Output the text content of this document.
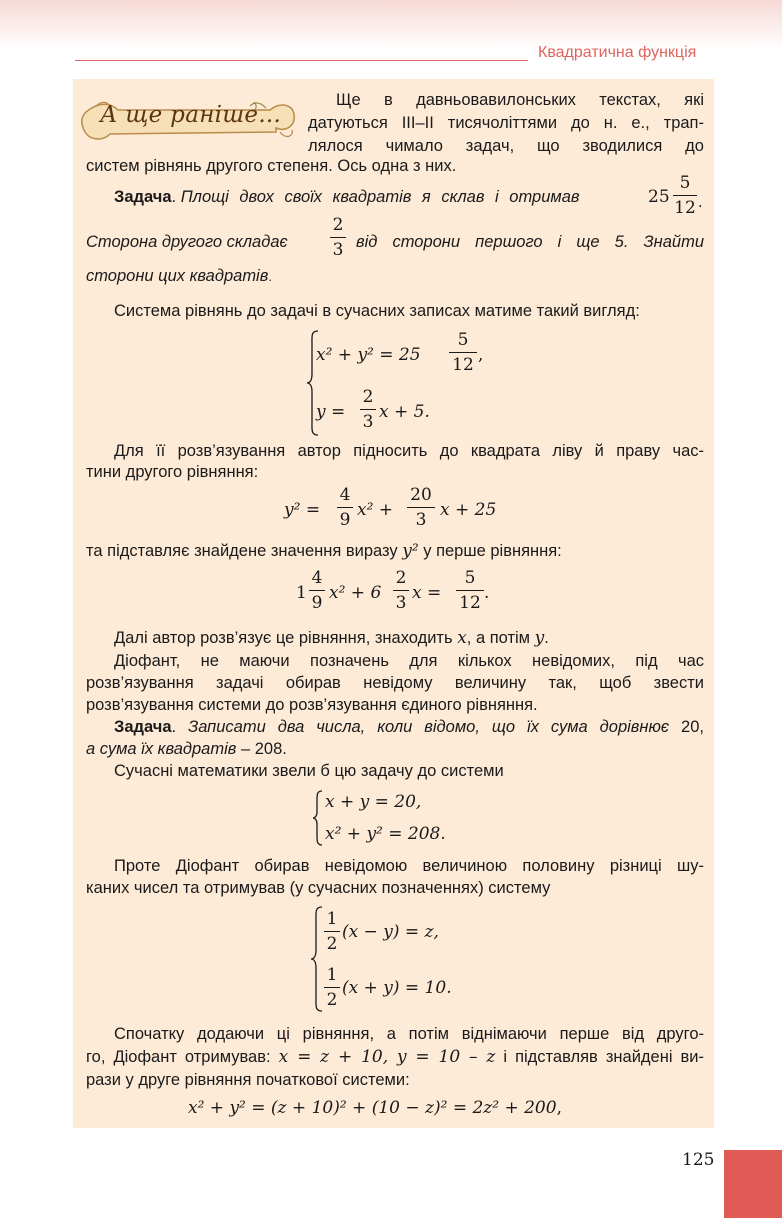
Квадратична функція
А ще раніше...
Ще в давньовавилонських текстах, які
датуються ІІІ–ІІ тисячоліттями до н. е., трап-
лялося чимало задач, що зводилися до
систем рівнянь другого степеня. Ось одна з них.
Задача. Площі двох своїх квадратів я склав і отримав	25
5
12 .
Сторона другого складає
2
3 від сторони першого і ще 5. Знайти
сторони цих квадратів.
Система рівнянь до задачі в сучасних записах матиме такий вигляд:
x² + y² = 25
5
12 ,
y =
2
3 x + 5.
Для її розв’язування автор підносить до квадрата ліву й праву час-
тини другого рівняння:
y² =
4
9 x² +
20
3 x + 25
та підставляє знайдене значення виразу y² у перше рівняння:
1
4
9 x² + 6
2
3 x =
5
12 .
Далі автор розв’язує це рівняння, знаходить x, а потім y.
Діофант, не маючи позначень для кількох невідомих, під час
розв’язування задачі обирав невідому величину так, щоб звести
розв’язування системи до розв’язування єдиного рівняння.
Задача. Записати два числа, коли відомо, що їх сума дорівнює 20,
а сума їх квадратів – 208.
Сучасні математики звели б цю задачу до системи
x + y = 20,
x² + y² = 208.
Проте Діофант обирав невідомою величиною половину різниці шу-
каних чисел та отримував (у сучасних позначеннях) систему
1
2
(x − y) = z,
1
2
(x + y) = 10.
Спочатку додаючи ці рівняння, а потім віднімаючи перше від друго-
го, Діофант отримував: x = z + 10, y = 10 – z і підставляв знайдені ви-
рази у друге рівняння початкової системи:
x² + y² = (z + 10)² + (10 − z)² = 2z² + 200,
125
